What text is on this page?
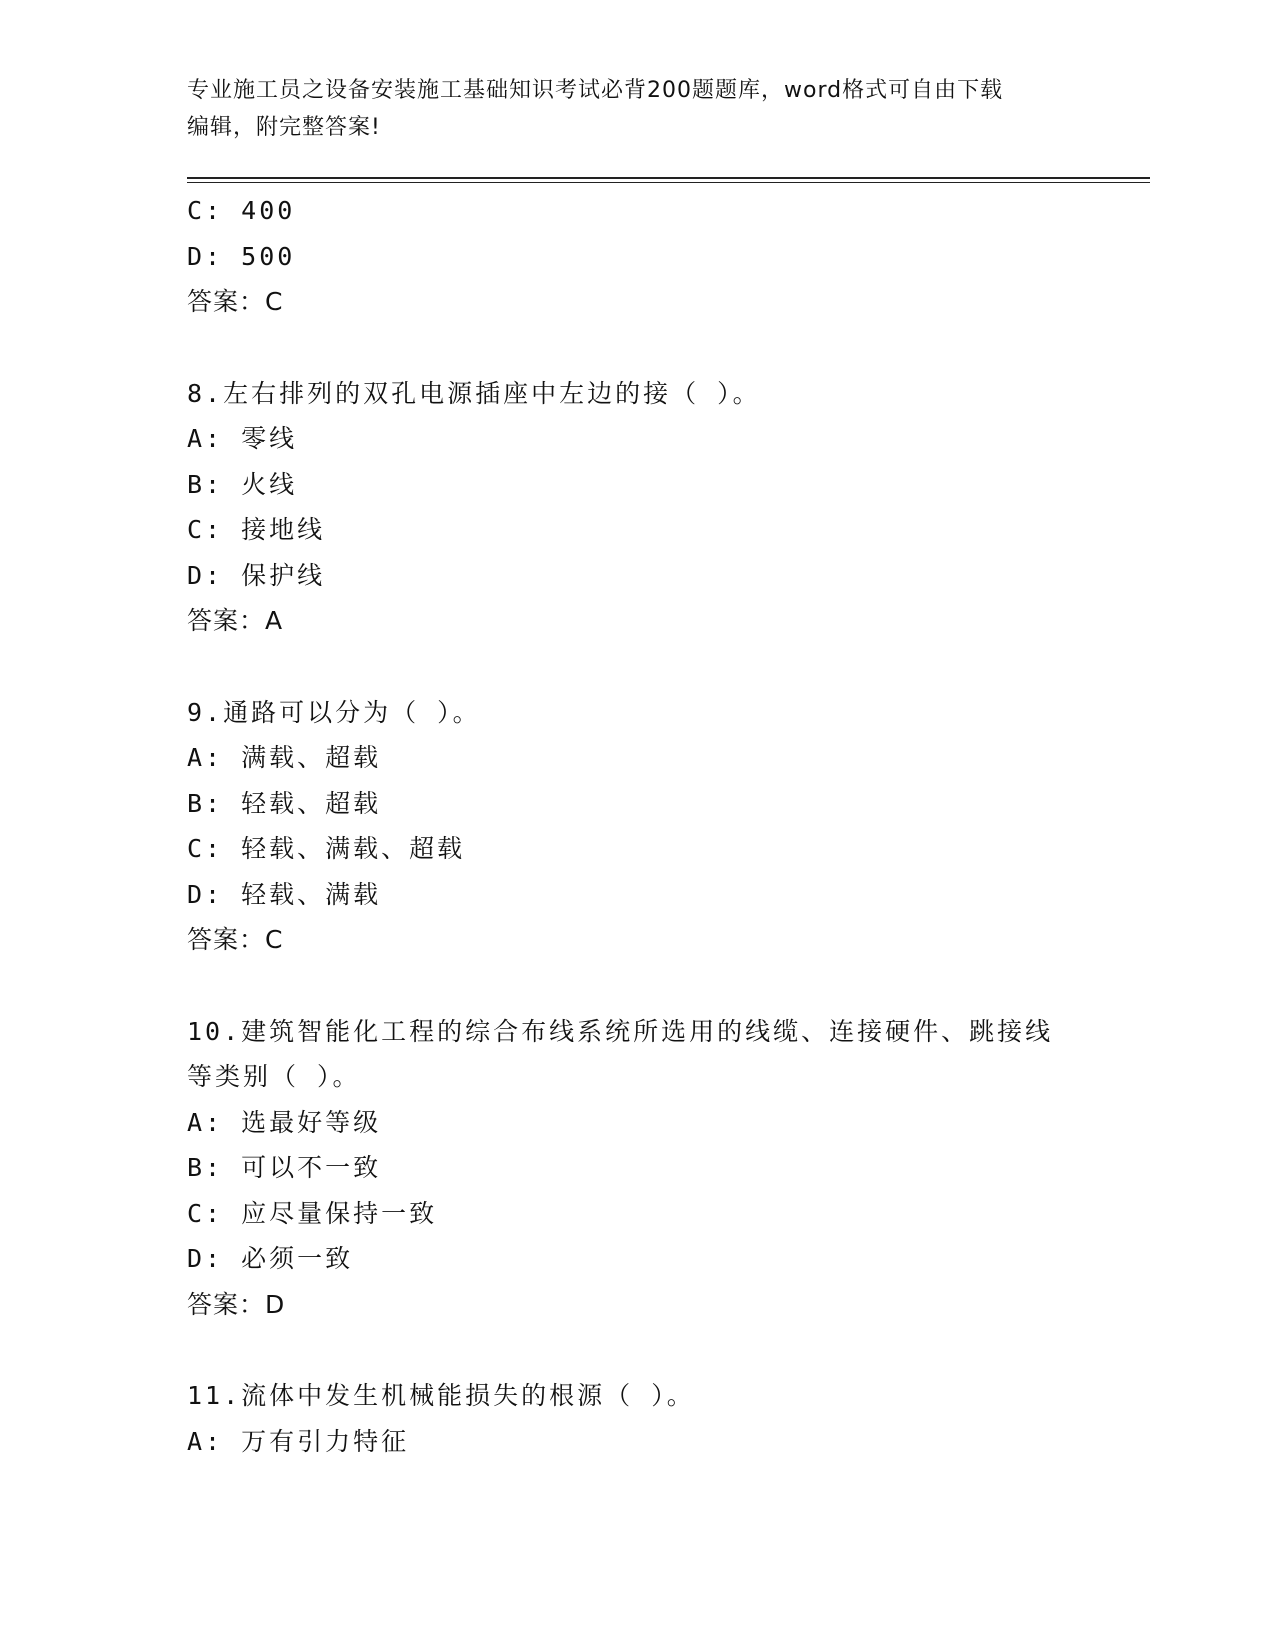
专业施工员之设备安装施工基础知识考试必背200题题库，word格式可自由下载
编辑，附完整答案!
C: 400
D: 500
答案：C
8.左右排列的双孔电源插座中左边的接（ ）。
A: 零线
B: 火线
C: 接地线
D: 保护线
答案：A
9.通路可以分为（ ）。
A: 满载、超载
B: 轻载、超载
C: 轻载、满载、超载
D: 轻载、满载
答案：C
10.建筑智能化工程的综合布线系统所选用的线缆、连接硬件、跳接线
等类别（ ）。
A: 选最好等级
B: 可以不一致
C: 应尽量保持一致
D: 必须一致
答案：D
11.流体中发生机械能损失的根源（ ）。
A: 万有引力特征
